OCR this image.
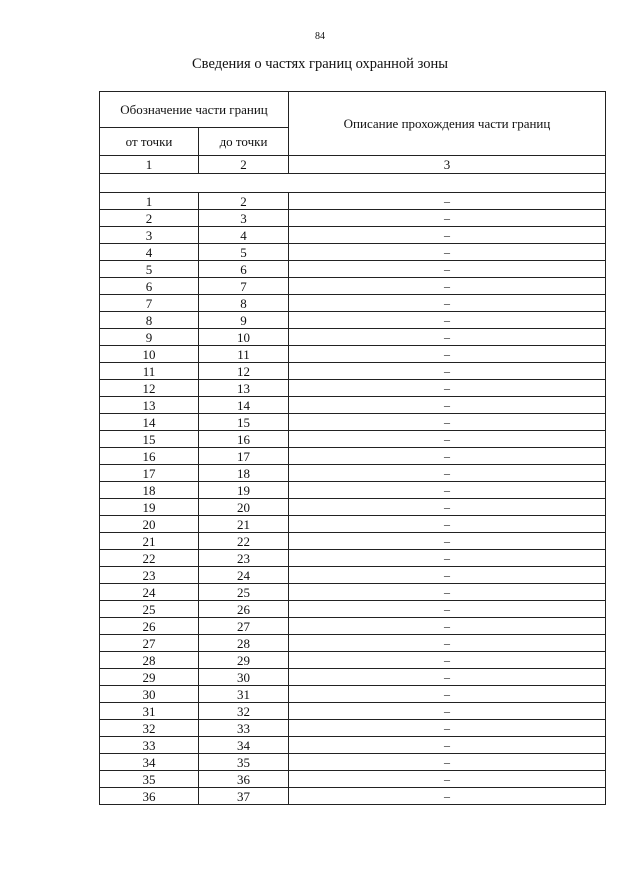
84
Сведения о частях границ охранной зоны
Обозначение части границ		Описание прохождения части границ
от точки	до точки	
1	2	3

1	2	–
2	3	–
3	4	–
4	5	–
5	6	–
6	7	–
7	8	–
8	9	–
9	10	–
10	11	–
11	12	–
12	13	–
13	14	–
14	15	–
15	16	–
16	17	–
17	18	–
18	19	–
19	20	–
20	21	–
21	22	–
22	23	–
23	24	–
24	25	–
25	26	–
26	27	–
27	28	–
28	29	–
29	30	–
30	31	–
31	32	–
32	33	–
33	34	–
34	35	–
35	36	–
36	37	–
